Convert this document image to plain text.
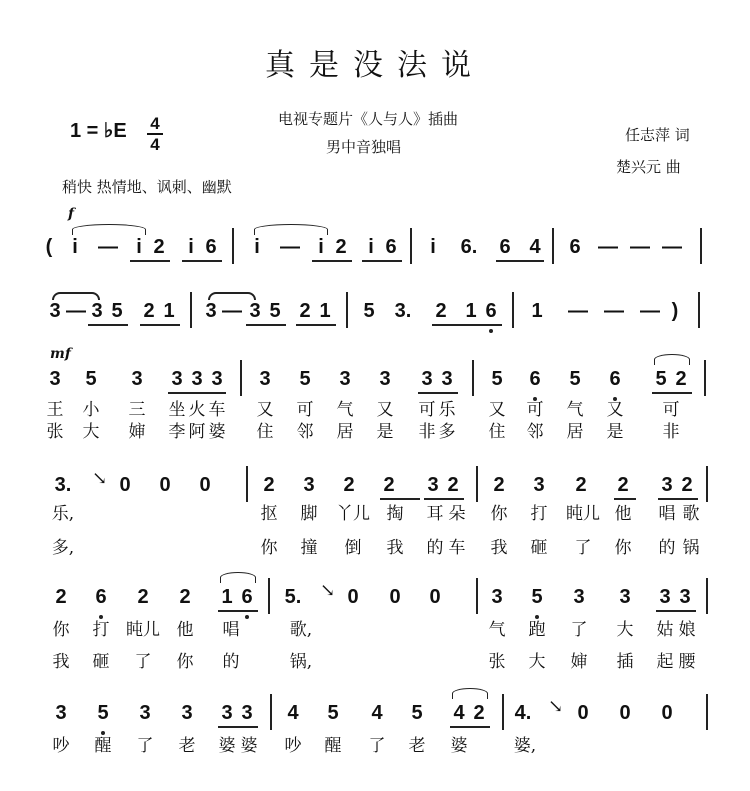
真是没法说
电视专题片《人与人》插曲
男中音独唱
任志萍 词
楚兴元 曲
1 = ♭E	4
4
稍快 热情地、讽刺、幽默
f
( i	— i 2	i 6	i	— i 2	i 6	i	6. 6 4 6 — — —
3 — 3 5 2 1 3 — 3 5 2 1 5 3. 2 1 6 1 — — — )
mf
3 5 3 3 3 3 3 5 3 3 3 3 5 6 5 6 5 2
王 小 三 坐 火 车 又 可 气 又 可 乐 又 可 气 又 可
张 大 婶 李 阿 婆 住 邻 居 是 非 多 住 邻 居 是 非
3. 0 0 0	2 3 2 2 3 2 2 3 2 2 3 2
↘
乐,	抠 脚 丫儿 掏 耳 朵 你 打 盹儿 他 唱 歌
多,	你 撞 倒 我 的 车 我 砸 了 你 的 锅
2 6 2 2 1 6 5. 0 0 0	3 5 3 3 3 3
↘
你 打 盹儿 他 唱	歌,	气 跑 了 大 姑 娘
我 砸 了 你 的	锅,	张 大 婶 插 起 腰
3 5 3 3 3 3 4 5 4 5 4 2 4. 0 0 0
↘
吵 醒 了 老 婆 婆 吵 醒 了 老 婆	婆,
